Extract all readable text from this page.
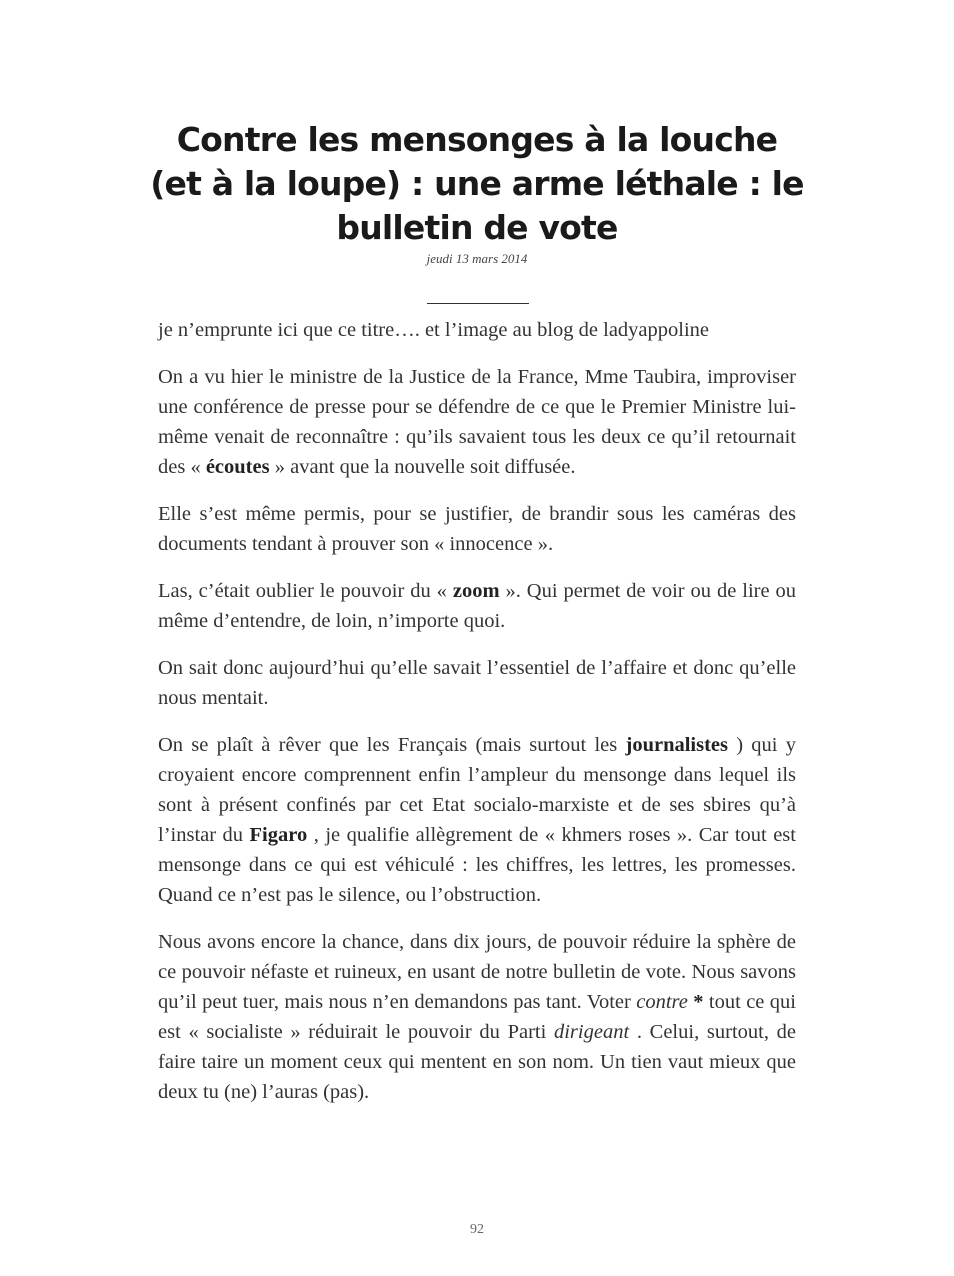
Contre les mensonges à la louche (et à la loupe) : une arme léthale : le bulletin de vote
jeudi 13 mars 2014

je n’emprunte ici que ce titre…. et l’image au blog de ladyappoline

On a vu hier le ministre de la Justice de la France, Mme Taubira, improviser une conférence de presse pour se défendre de ce que le Premier Ministre lui-même venait de reconnaître : qu’ils savaient tous les deux ce qu’il retournait des « écoutes » avant que la nouvelle soit diffusée.

Elle s’est même permis, pour se justifier, de brandir sous les caméras des documents tendant à prouver son « innocence ».

Las, c’était oublier le pouvoir du « zoom ». Qui permet de voir ou de lire ou même d’entendre, de loin, n’importe quoi.

On sait donc aujourd’hui qu’elle savait l’essentiel de l’affaire et donc qu’elle nous mentait.

On se plaît à rêver que les Français (mais surtout les journalistes ) qui y croyaient encore comprennent enfin l’ampleur du mensonge dans lequel ils sont à présent confinés par cet Etat socialo-marxiste et de ses sbires qu’à l’instar du Figaro , je qualifie allègrement de « khmers roses ». Car tout est mensonge dans ce qui est véhiculé : les chiffres, les lettres, les promesses. Quand ce n’est pas le silence, ou l’obstruction.

Nous avons encore la chance, dans dix jours, de pouvoir réduire la sphère de ce pouvoir néfaste et ruineux, en usant de notre bulletin de vote. Nous savons qu’il peut tuer, mais nous n’en demandons pas tant. Voter contre * tout ce qui est « socialiste » réduirait le pouvoir du Parti dirigeant . Celui, surtout, de faire taire un moment ceux qui mentent en son nom. Un tien vaut mieux que deux tu (ne) l’auras (pas).

92
